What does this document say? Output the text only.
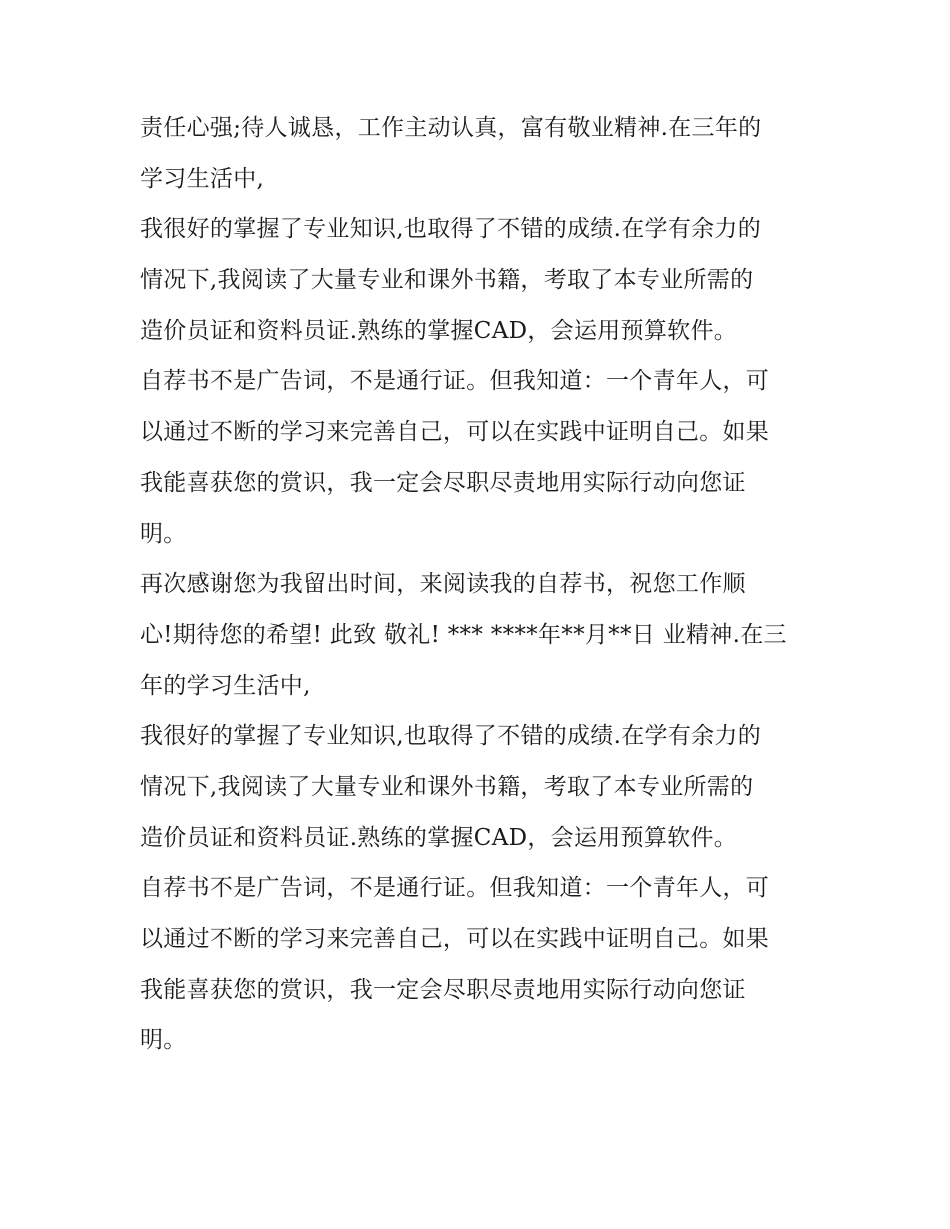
责任心强;待人诚恳，工作主动认真，富有敬业精神.在三年的
学习生活中,
我很好的掌握了专业知识,也取得了不错的成绩.在学有余力的
情况下,我阅读了大量专业和课外书籍，考取了本专业所需的
造价员证和资料员证.熟练的掌握CAD，会运用预算软件。
自荐书不是广告词，不是通行证。但我知道：一个青年人，可
以通过不断的学习来完善自己，可以在实践中证明自己。如果
我能喜获您的赏识，我一定会尽职尽责地用实际行动向您证
明。
再次感谢您为我留出时间，来阅读我的自荐书，祝您工作顺
心!期待您的希望! 此致 敬礼! *** ****年**月**日 业精神.在三
年的学习生活中,
我很好的掌握了专业知识,也取得了不错的成绩.在学有余力的
情况下,我阅读了大量专业和课外书籍，考取了本专业所需的
造价员证和资料员证.熟练的掌握CAD，会运用预算软件。
自荐书不是广告词，不是通行证。但我知道：一个青年人，可
以通过不断的学习来完善自己，可以在实践中证明自己。如果
我能喜获您的赏识，我一定会尽职尽责地用实际行动向您证
明。
